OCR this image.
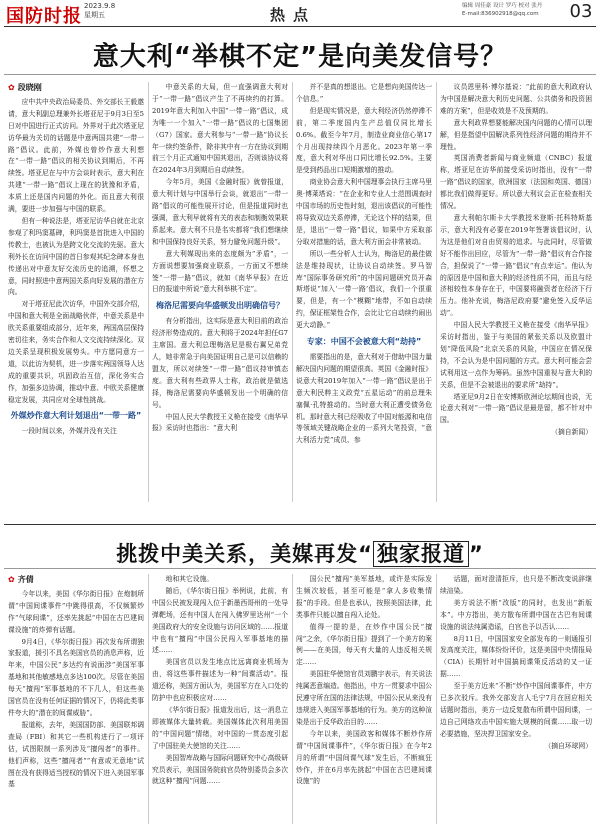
国防时报 2023.9.8
星期五	热点	编辑 周佳豪 设计 罗巧 校对 张丹
E-mail:836902918@qq.com 03
意大利“举棋不定”是向美发信号？
✿ 段晓刚

应中共中央政治局委员、外交部长王毅邀请，意大利副总理兼外长塔亚尼于9月3日至5日对中国进行正式访问。外界对于此次塔亚尼访华最为关切的话题是中意两国共建“一带一路”倡议。此前，外媒也曾炒作意大利想在“一带一路”倡议的相关协议到期后，不再续签。塔亚尼在与中方会谈时表示，意大利在共建“一带一路”倡议上现在的犹豫和矛盾，本质上还是国内问题的外化。而且意大利很满，要进一步加强与中国的联系。

但有一种说法是，塔亚尼访华自就在北京参观了利玛窦墓碑，利玛窦是首批进入中国的传教士，也被认为是跨文化交流的先驱。意大利外长在访问中国的首日参观其纪念碑本身也传递出对中意友好交流历史的追溯，怀想之意，同时照进中意两国关系向好发展的潜在方向。

对于塔亚尼此次访华，中国外交部介绍，中国和意大利是全面战略伙伴，中意关系是中欧关系重要组成部分，近年来，两国高层保持密切往来，务实合作和人文交流持续深化。双边关系呈现积极发展势头。中方愿同意方一道，以此访为契机，进一步落实两国领导人达成的重要共识，巩固政治互信，深化务实合作，加强多边协调，推动中意、中欧关系健康稳定发展，共同应对全球性挑战。

外媒炒作意大利计划退出“一带一路”

一段时间以来，外媒并没有关注

中意关系的大局，但一直强调意大利对于“一带一路”倡议产生了不再续约的打算。2019年意大利加入中国“一带一路”倡议，成为唯一一个加入“一带一路”倡议的七国集团（G7）国家。意大利参与“一带一路”协议长年一续约签条件，除非其中有一方在协议到期前三个月正式通知中国其退出，否则该协议将在2024年3月到期后自动续签。

今年5月，美国《金融时报》就曾报道，意大利计划与中国举行会谈，就退出“一带一路”倡议的可能性展开讨论，但是报道同时也强调，意大利早就将有关的表态和制衡效果联系起来。意大利不只是名实都将“我们想继续和中国保持良好关系，努力避免问题升级”。

意大利媒现出来的态度颇为“矛盾”，一方面说想要加强商业联系，一方面又不想续签“一带一路”倡议，就如《南华早报》在近日的报道中所说“意大利举棋不定”。

梅洛尼需要向华盛顿发出明确信号？

有分析指出，这实际是意大利目前的政治经济形势造成的。意大利将于2024年担任G7主席国。意大利总理梅洛尼是极右翼兄弟党人，她非常急于向美国证明自己是可以信赖的盟友，所以对续签“一带一路”倡议持审慎态度。意大利有些政界人士称，政治就是做选择，梅洛尼需要向华盛顿发出一个明确的信号。

中国人民大学教授王义桅在接受《南华早报》采访时也指出：“意大利

并不是真的想退出。它是想向美国传达一个信息。”

但是现实情况是，意大利经济仍然停滞不前，第二季度国内生产总值仅同比增长0.6%。截至今年7月，制造业商业信心第17个月出现持续四个月恶化。2023年第一季度，意大利对华出口同比增长92.5%。主要是受到药品出口短期激增的推动。

商业协会意大利中国理事会执行主席马里奥·博莱塔说：“在企业和专业人士范围调查时中国市场的历史性时刻，退出该倡议的可能性将导致双边关系停滞，无论这个样的结果，但是，退出“一带一路”倡议，如果中方采取部分取对措施的话，意大利方面会非常被动。

所以一些分析人士认为，梅洛尼的最佳做法是维持现状，让协议自动续签。罗马智库“国际事务研究所”的中国问题研究员开森斯塔说“加入‘一带一路’倡议，我们一个很重要，但是，有一个“模糊”地带，不如自动续约，保证框架性合作，会比让它自动续约闹出更大动静。”

专家：中国不会被意大利“劫持”

需要指出的是，意大利对于借助中国力量解决国内问题的期望很高。英国《金融时报》说意大利2019年加入“一带一路”倡议是出于意大利民粹主义政党“五星运动”的前总理朱塞佩·孔特推动的。当时意大利正遭受债务危机。那时意大利已经吸收了中国对能源和电信等领域关键战略企业的一系列大笔投资，“意大利活力党”成员、参

议员恩里科·博尔基说：“此前的意大利政府认为中国是解决意大利历史问题、公共债务和投资困难的方案”，但是收效是不及预期的。

意大利政界想要能解决国内问题的心情可以理解，但是指望中国解决系列性经济问题的期待并不理性。

英国消费者新闻与商业频道（CNBC）报道称，塔亚尼在访华前接受采访时指出，没有“一带一路”倡议的国家，欧洲国家（法国和英国、德国）都比我们做得更好。所以意大利议会正在检查相关情况。

意大利帕尔斯卡大学教授米登斯·托科特斯基示，意大利没有必要在2019年签署该倡议时，认为这是他们对自由贸易的追求。与此同时，尽管做好不能作出回应，尽管为“一带一路”倡议有合作接合，担保说了“一带一路”倡议“有点幸运”。他认为的原因是中国和意大利的经济性质不同，而且与经济相较性本身存在于，中国要将融资者在经济下行压力。他补充说，梅洛尼政府要“避免签入反华运动”。

中国人民大学教授王义桅在接受《南华早报》采访时指出，鉴于与美国的紧张关系以及欧盟计划“降低风险”北京关系的风险，中国应在情况保持，不会认为是中国问题的方式。意大利可能会尝试利用这一点作为筹码。虽然中国重视与意大利的关系，但是不会被退出的要求所“劫持”。

塔亚尼9月2日在安博斯欧洲论坛期间也说，无论意大利对“一带一路”倡议是最是留，都不针对中国。

（摘自新闻）
挑拨中美关系，美媒再发“ 独家报道 ”
✿ 齐倩

今年以来，美国《华尔街日报》在炮制所谓“中国间谍事件”中跳得很高，不仅频繁炒作“气球间谍”，还率先挑起“中国在古巴建间谍设施”的炸弹有话题。

9月4日，《华尔街日报》再次发布所谓独家报道，援引不具名美国官员的消息声称，近年来，中国公民“多达约有说面涉”美国军事基地和其他敏感地点多达100次。尽管在美国每天“擅闯”军事基地的不下几人，但这些美国官员在没有任何证据的情况下，仍将此类事件夸大的“潜在的间谍威胁”。

报道称，去年，美国国防部、美国联邦调查局（FBI）和其它一些机构进行了一项评估，试图限制一系列涉及“擅闯者”的事件。他们声称，这些“擅闯者”“有意或无意地”试图在没有获得适当授权的情况下进入美国军事基

地和其它设施。

随后，《华尔街日报》举例说，此前，有中国公民被发现闯入位于新墨西哥州的一处导弹靶场，还有中国人在闯入佛罗里达州“一个美国政府大的安全设施与访问区域的……报道中也有“擅闯”中国公民闯入军事基地的描述……

美国官员以发生地点比远离商业机场为由，将这些事件描述为一种“间谍活动”。报道还称，美国方面认为，美国军方在入口处的防护中也应积极应对……

《华尔街日报》报道发出后，这一消息立即被媒体大量转载。美国媒体此次利用美国的“中国问题”情绪，对中国的一贯态度引起了中国驻美大使馆的关注……

美国智库战略与国际问题研究中心高级研究员表示，美国国务院前官员特别委员会多次就这种“擅闯”问题……

国公民“擅闯”美军基地，或许是实际发生频次较低，甚至可能是“拿人多收集情报”的手段。但是也承认，按照美国法律，此类事件只能以擅自闯入论处。

值得一提的是，在炒作中国公民“擅闯”之余，《华尔街日报》提到了一个美方的案例——在美国，每天有大量的人违反相关规定……

美国驻华使馆官员刘鹏宇表示，有关说法纯属恶意编造。他指出，中方一贯要求中国公民遵守所在国的法律法规，中国公民从来没有违规进入美国军事基地的行为。美方的这种渲染是出于反华政治目的……

今年以来，美国政客和媒体不断炒作所谓“中国间谍事件”，《华尔街日报》在今年2月的所谓“中国间谍气球”发生后，不断疯狂炒作，并在6月率先挑起“中国在古巴建间谍设施”的

话题，面对澄清拒斥，也只是不断改变说辞继续渲染。

美方说法不断“改版”的同时，也发出“新版本”。中方指出，美方散布所谓中国在古巴有间谍设施的说法纯属造谣，白宫也予以否认……

8月11日，中国国家安全部发布的一则通报引发高度关注，媒体纷纷评价，这是美国中央情报局（CIA）长期针对中国搞间谍策反活动的又一证据……

至于美方近来“不断”炒作中国间谍事件，中方已多次驳斥。我外交部发言人毛宁7月在回应相关话题时指出，美方一边反复散布所谓中国间谍，一边自己网络攻击中国实施大规模的间谍……取一切必要措施，坚决捍卫国家安全。

（摘自环球网）
